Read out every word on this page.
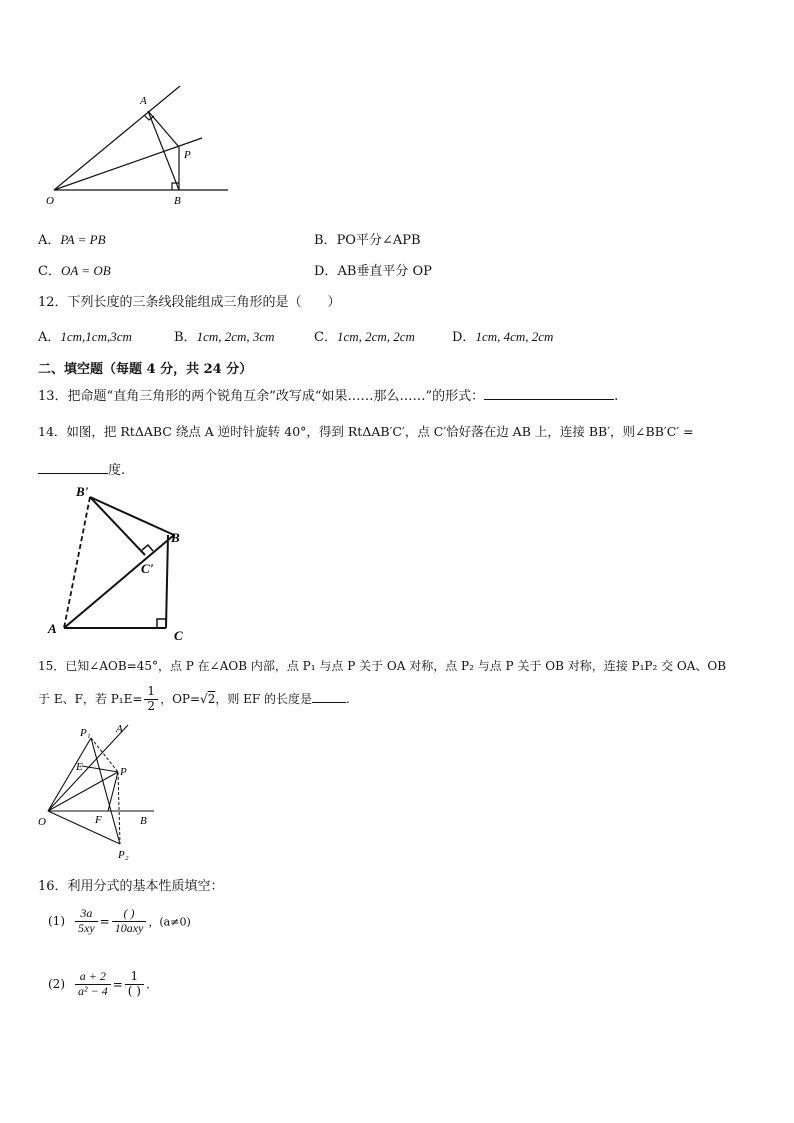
A
P
O	B
A．PA = PB	B．PO平分∠APB
C．OA = OB	D．AB垂直平分 OP
12．下列长度的三条线段能组成三角形的是（　　）
A．1cm,1cm,3cm	B．1cm, 2cm, 3cm	C．1cm, 2cm, 2cm	D．1cm, 4cm, 2cm
二、填空题（每题 4 分，共 24 分）
13．把命题“直角三角形的两个锐角互余”改写成“如果……那么……”的形式：	.
14．如图，把 RtΔABC 绕点 A 逆时针旋转 40°，得到 RtΔAB′C′，点 C′恰好落在边 AB 上，连接 BB′，则∠BB′C′ =
度.
B'
B
C'
A	C
15．已知∠AOB=45°，点 P 在∠AOB 内部，点 P₁ 与点 P 关于 OA 对称，点 P₂ 与点 P 关于 OB 对称，连接 P₁P₂ 交 OA、OB
于 E、F，若 $P_1E= \frac{1}{2}$ ，OP=√2，则 EF 的长度是	.
P₁ A
E	P
O	F	B
P₂
16．利用分式的基本性质填空：
$(1) \frac{3a}{5xy} = \frac{( )}{\text{10axy}}$ ，(a≠0)
$(2) \frac{a + 2}{\text{a² − 4}} = \frac{1}{( )}$ .
